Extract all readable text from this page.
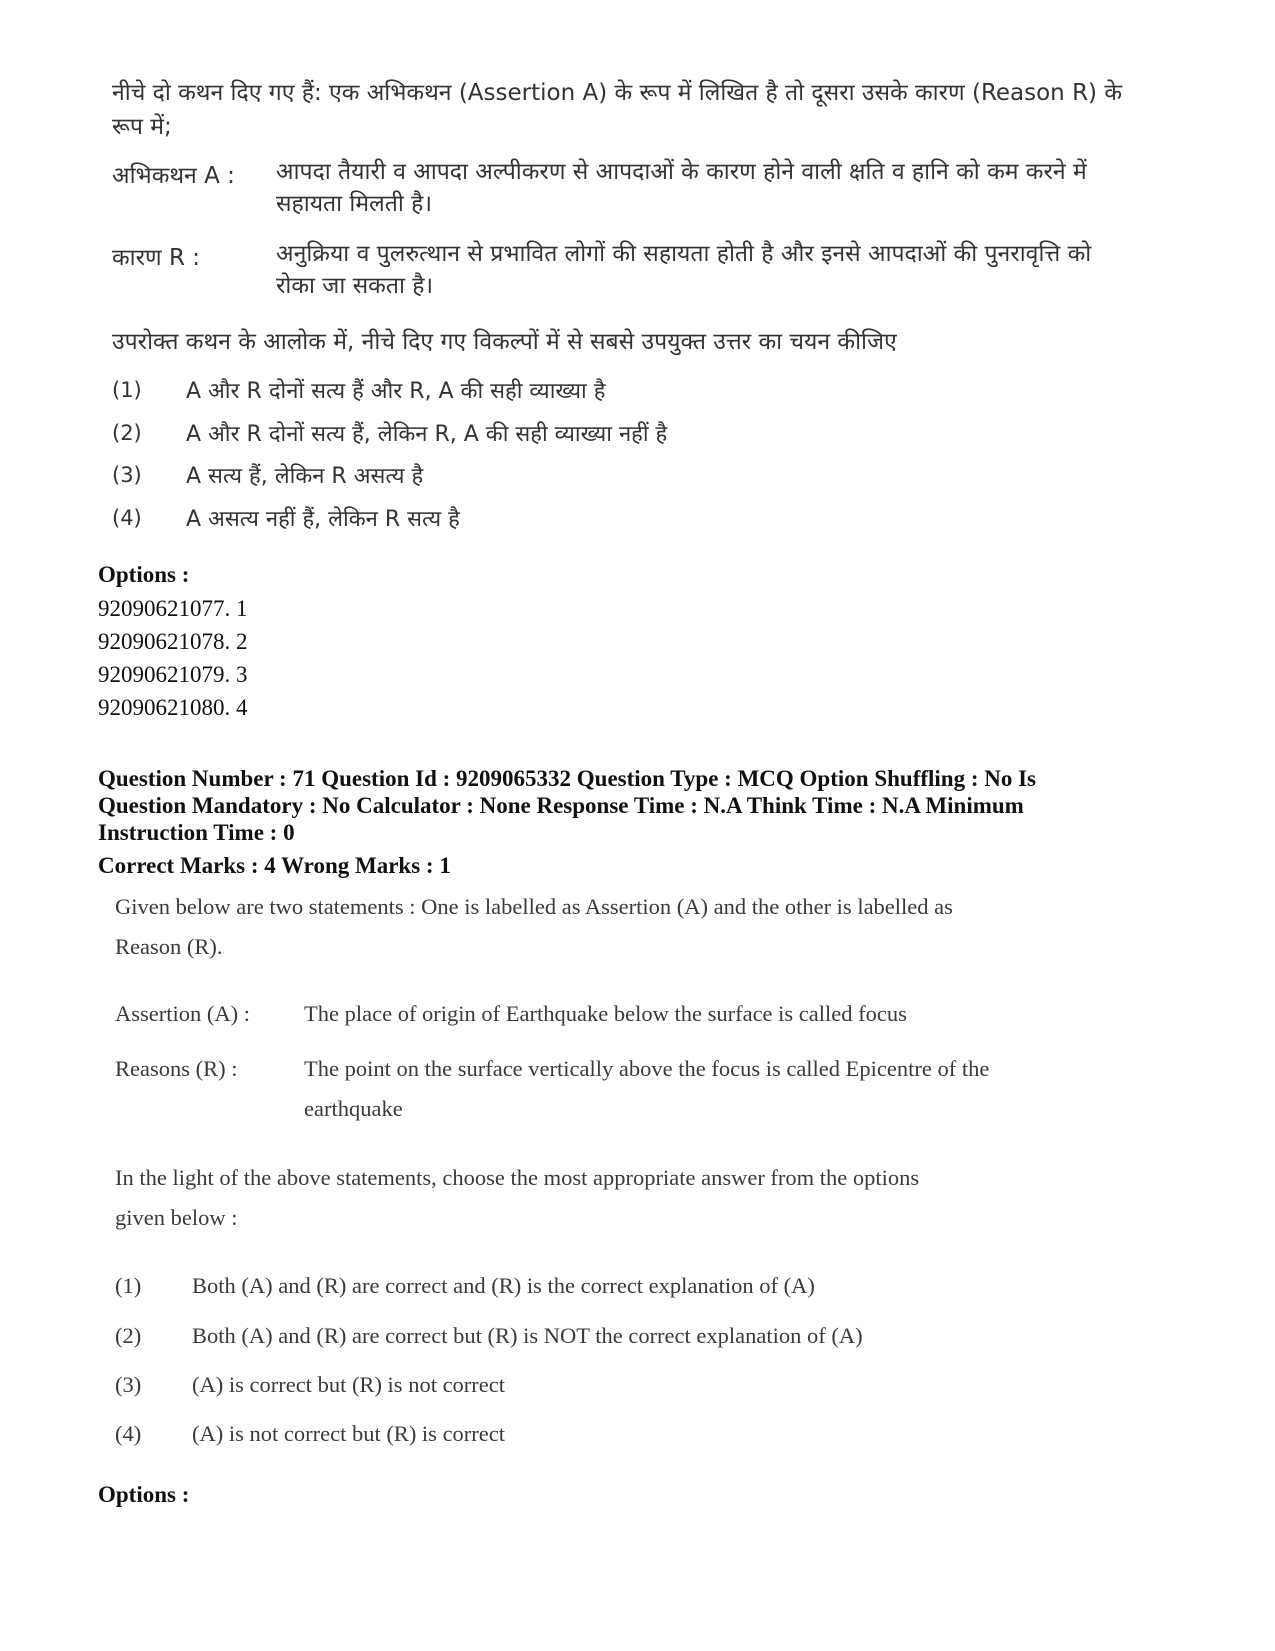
नीचे दो कथन दिए गए हैं: एक अभिकथन (Assertion A) के रूप में लिखित है तो दूसरा उसके कारण (Reason R) के रूप में;
अभिकथन A : आपदा तैयारी व आपदा अल्पीकरण से आपदाओं के कारण होने वाली क्षति व हानि को कम करने में सहायता मिलती है।
कारण R :	अनुक्रिया व पुलरुत्थान से प्रभावित लोगों की सहायता होती है और इनसे आपदाओं की पुनरावृत्ति को रोका जा सकता है।
उपरोक्त कथन के आलोक में, नीचे दिए गए विकल्पों में से सबसे उपयुक्त उत्तर का चयन कीजिए
(1) A और R दोनों सत्य हैं और R, A की सही व्याख्या है
(2) A और R दोनों सत्य हैं, लेकिन R, A की सही व्याख्या नहीं है
(3) A सत्य हैं, लेकिन R असत्य है
(4) A असत्य नहीं हैं, लेकिन R सत्य है
Options :
92090621077. 1
92090621078. 2
92090621079. 3
92090621080. 4
Question Number : 71 Question Id : 9209065332 Question Type : MCQ Option Shuffling : No Is
Question Mandatory : No Calculator : None Response Time : N.A Think Time : N.A Minimum
Instruction Time : 0
Correct Marks : 4 Wrong Marks : 1
Given below are two statements : One is labelled as Assertion (A) and the other is labelled as
Reason (R).
Assertion (A) : The place of origin of Earthquake below the surface is called focus
Reasons (R) :	The point on the surface vertically above the focus is called Epicentre of the
earthquake
In the light of the above statements, choose the most appropriate answer from the options
given below :
(1) Both (A) and (R) are correct and (R) is the correct explanation of (A)
(2) Both (A) and (R) are correct but (R) is NOT the correct explanation of (A)
(3) (A) is correct but (R) is not correct
(4) (A) is not correct but (R) is correct
Options :
